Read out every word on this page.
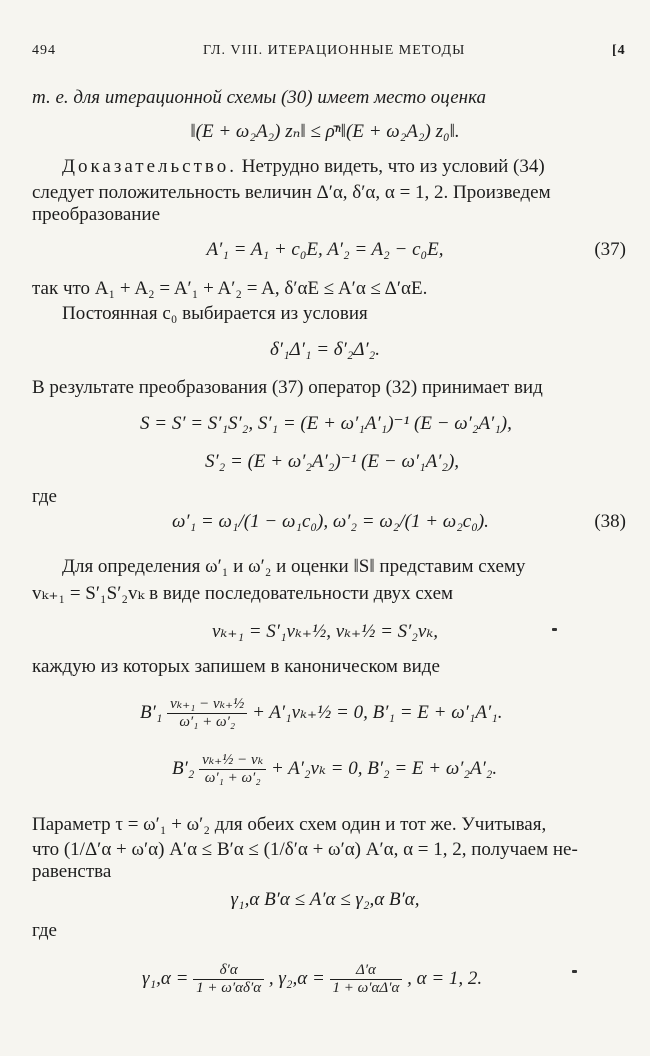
494	ГЛ. VIII. ИТЕРАЦИОННЫЕ МЕТОДЫ	[4
т. е. для итерационной схемы (30) имеет место оценка
‖(E + ω₂A₂) zₙ‖ ≤ ρ̄ⁿ‖(E + ω₂A₂) z₀‖.
Доказательство. Нетрудно видеть, что из условий (34)
следует положительность величин Δ′α, δ′α, α = 1, 2. Произведем
преобразование
A′₁ = A₁ + c₀E, A′₂ = A₂ − c₀E,	(37)
так что A₁ + A₂ = A′₁ + A′₂ = A, δ′αE ≤ A′α ≤ Δ′αE.
Постоянная c₀ выбирается из условия
δ′₁Δ′₁ = δ′₂Δ′₂.
В результате преобразования (37) оператор (32) принимает вид
S = S′ = S′₁S′₂, S′₁ = (E + ω′₁A′₁)⁻¹ (E − ω′₂A′₁),
S′₂ = (E + ω′₂A′₂)⁻¹ (E − ω′₁A′₂),
где
ω′₁ = ω₁/(1 − ω₁c₀), ω′₂ = ω₂/(1 + ω₂c₀).	(38)
Для определения ω′₁ и ω′₂ и оценки ‖S‖ представим схему
vₖ₊₁ = S′₁S′₂vₖ в виде последовательности двух схем
vₖ₊₁ = S′₁vₖ₊½, vₖ₊½ = S′₂vₖ,
каждую из которых запишем в каноническом виде
$B'_1 \frac{\text{vₖ₊₁ − vₖ₊½}}{\text{ω′₁ + ω′₂}}$ + A′₁vₖ₊½ = 0, B′₁ = E + ω′₁A′₁.
$B'_2 \frac{\text{vₖ₊½ − vₖ}}{\text{ω′₁ + ω′₂}} + A'_2v_k = 0$, B′₂ = E + ω′₂A′₂.
Параметр τ = ω′₁ + ω′₂ для обеих схем один и тот же. Учитывая,
что (1/Δ′α + ω′α) A′α ≤ B′α ≤ (1/δ′α + ω′α) A′α, α = 1, 2, получаем не-
равенства
γ₁,α B′α ≤ A′α ≤ γ₂,α B′α,
где
$\gamma_1,\alpha = \frac{\delta'\alpha}{1 + \omega'\alpha\delta'\alpha}$ , $\gamma_2,\alpha = \frac{\Delta'\alpha}{1 + \omega'\alpha\Delta'\alpha}$ , α = 1, 2.
